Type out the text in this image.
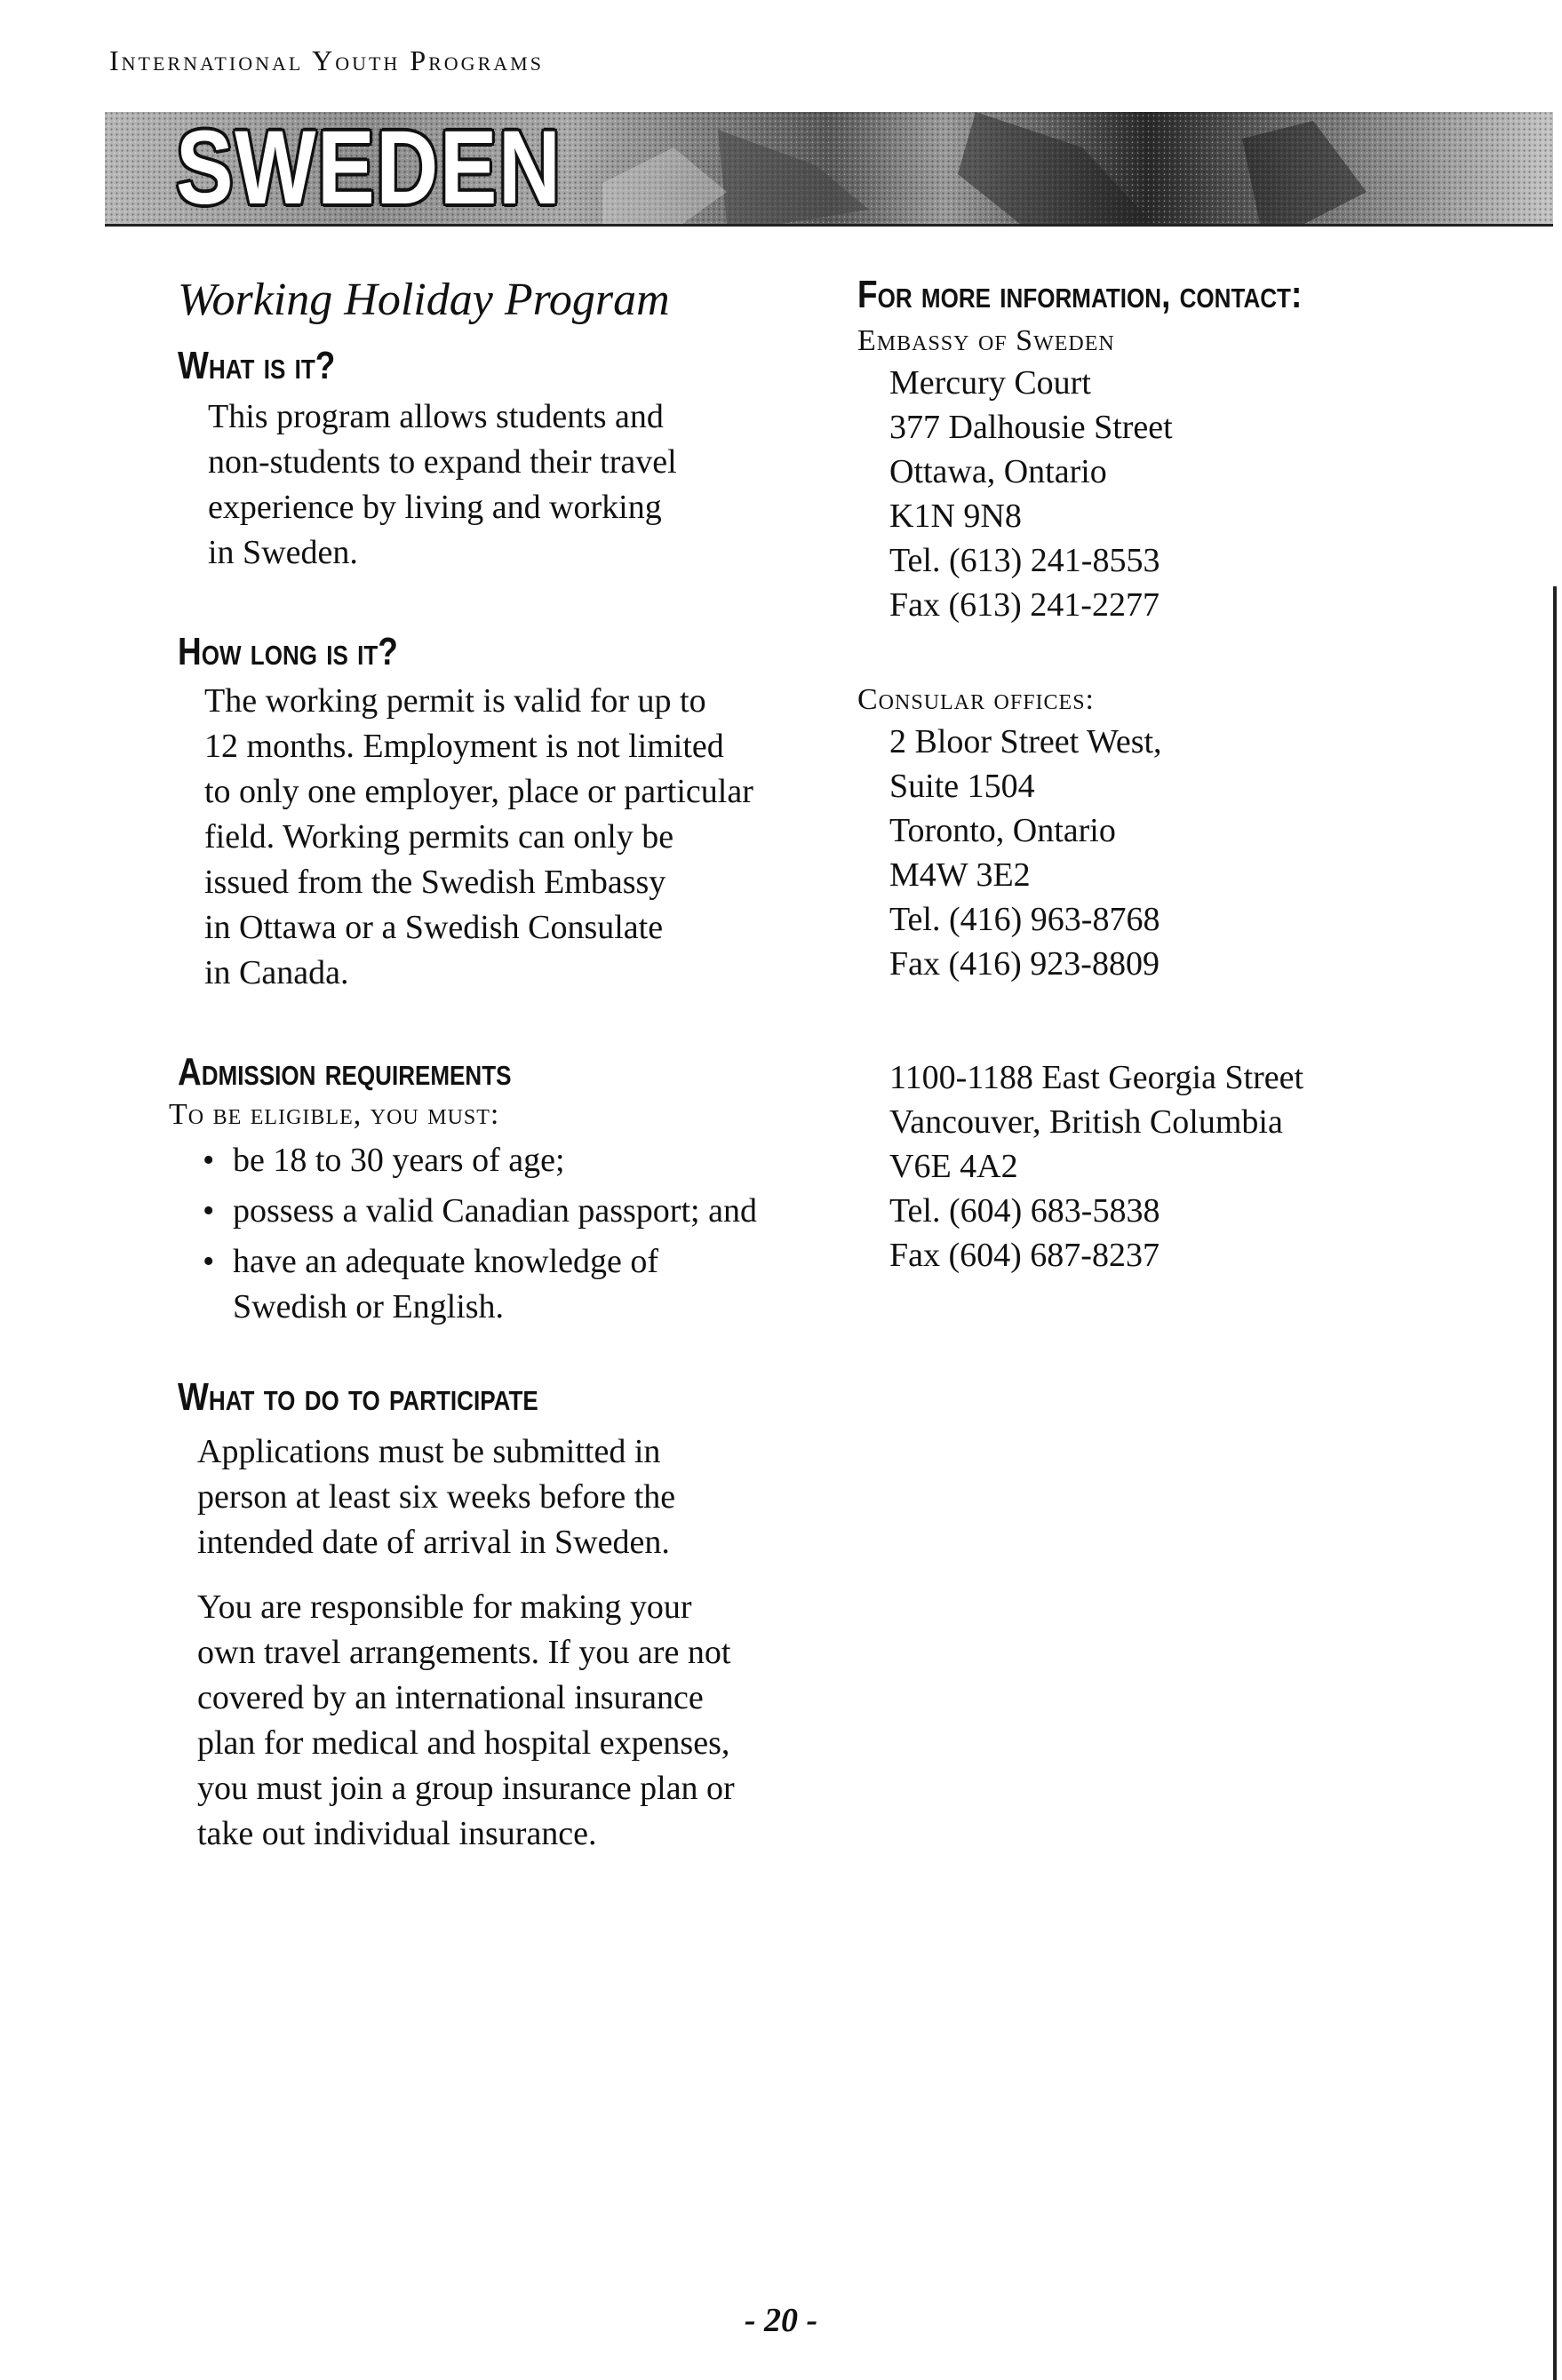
International Youth Programs
SWEDEN
Working Holiday Program
What is it?

This program allows students and

non-students to expand their travel

experience by living and working

in Sweden.

How long is it?

The working permit is valid for up to

12 months. Employment is not limited

to only one employer, place or particular

field. Working permits can only be

issued from the Swedish Embassy

in Ottawa or a Swedish Consulate

in Canada.

Admission requirements
To be eligible, you must:
• be 18 to 30 years of age;
• possess a valid Canadian passport; and
• have an adequate knowledge of
Swedish or English.
What to do to participate

Applications must be submitted in

person at least six weeks before the

intended date of arrival in Sweden.

You are responsible for making your

own travel arrangements. If you are not

covered by an international insurance

plan for medical and hospital expenses,

you must join a group insurance plan or

take out individual insurance.

For more information, contact:
Embassy of Sweden
Mercury Court
377 Dalhousie Street
Ottawa, Ontario
K1N 9N8
Tel. (613) 241-8553
Fax (613) 241-2277
Consular offices:
2 Bloor Street West,
Suite 1504
Toronto, Ontario
M4W 3E2
Tel. (416) 963-8768
Fax (416) 923-8809
1100-1188 East Georgia Street
Vancouver, British Columbia
V6E 4A2
Tel. (604) 683-5838
Fax (604) 687-8237
- 20 -
